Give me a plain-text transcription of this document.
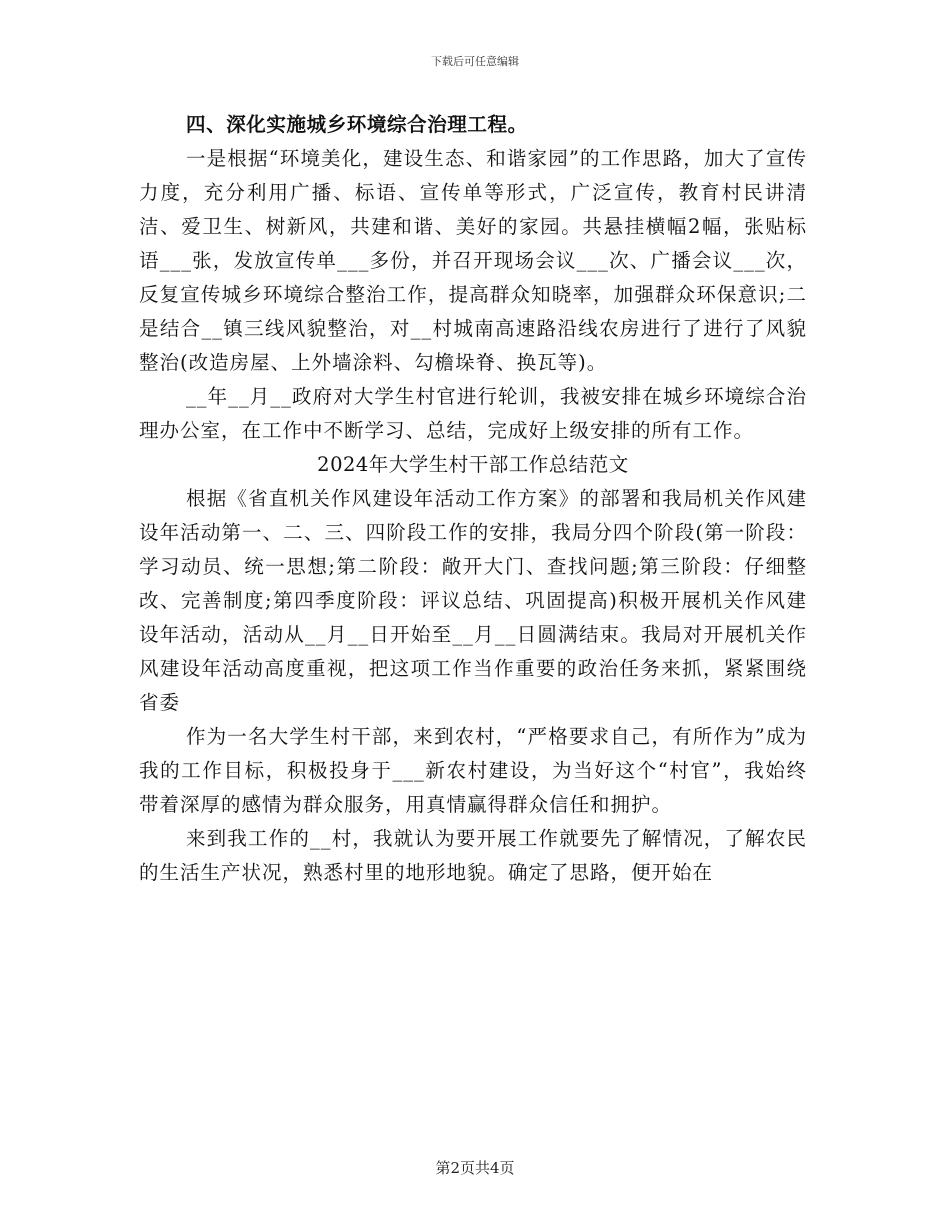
下载后可任意编辑

四、深化实施城乡环境综合治理工程。

一是根据“环境美化，建设生态、和谐家园”的工作思路，加大了宣传力度，充分利用广播、标语、宣传单等形式，广泛宣传，教育村民讲清洁、爱卫生、树新风，共建和谐、美好的家园。共悬挂横幅2幅，张贴标语___张，发放宣传单___多份，并召开现场会议___次、广播会议___次，反复宣传城乡环境综合整治工作，提高群众知晓率，加强群众环保意识;二是结合__镇三线风貌整治，对__村城南高速路沿线农房进行了进行了风貌整治(改造房屋、上外墙涂料、勾檐垛脊、换瓦等)。

__年__月__政府对大学生村官进行轮训，我被安排在城乡环境综合治理办公室，在工作中不断学习、总结，完成好上级安排的所有工作。

2024年大学生村干部工作总结范文

根据《省直机关作风建设年活动工作方案》的部署和我局机关作风建设年活动第一、二、三、四阶段工作的安排，我局分四个阶段(第一阶段：学习动员、统一思想;第二阶段：敞开大门、查找问题;第三阶段：仔细整改、完善制度;第四季度阶段：评议总结、巩固提高)积极开展机关作风建设年活动，活动从__月__日开始至__月__日圆满结束。我局对开展机关作风建设年活动高度重视，把这项工作当作重要的政治任务来抓，紧紧围绕省委

作为一名大学生村干部，来到农村，“严格要求自己，有所作为”成为我的工作目标，积极投身于___新农村建设，为当好这个“村官”，我始终带着深厚的感情为群众服务，用真情赢得群众信任和拥护。

来到我工作的__村，我就认为要开展工作就要先了解情况，了解农民的生活生产状况，熟悉村里的地形地貌。确定了思路，便开始在

第2页共4页
